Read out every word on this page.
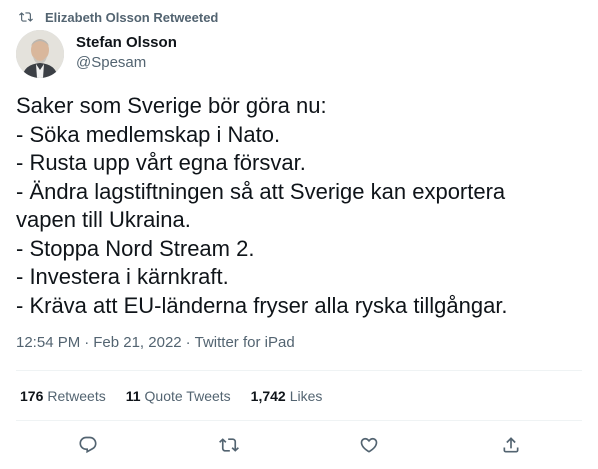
Elizabeth Olsson Retweeted
Stefan Olsson
@Spesam
Saker som Sverige bör göra nu:
- Söka medlemskap i Nato.
- Rusta upp vårt egna försvar.
- Ändra lagstiftningen så att Sverige kan exportera
vapen till Ukraina.
- Stoppa Nord Stream 2.
- Investera i kärnkraft.
- Kräva att EU-länderna fryser alla ryska tillgångar.
12:54 PM · Feb 21, 2022 · Twitter for iPad
176 Retweets 11 Quote Tweets 1,742 Likes
